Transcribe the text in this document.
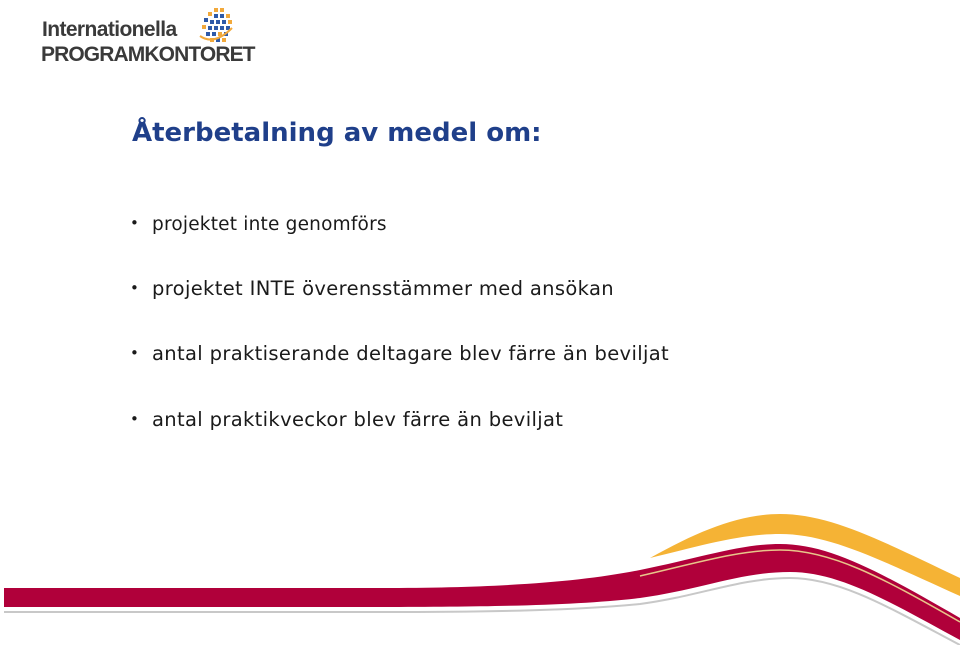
Internationella
PROGRAMKONTORET
Återbetalning av medel om:
• projektet inte genomförs
• projektet INTE överensstämmer med ansökan
• antal praktiserande deltagare blev färre än beviljat
• antal praktikveckor blev färre än beviljat
